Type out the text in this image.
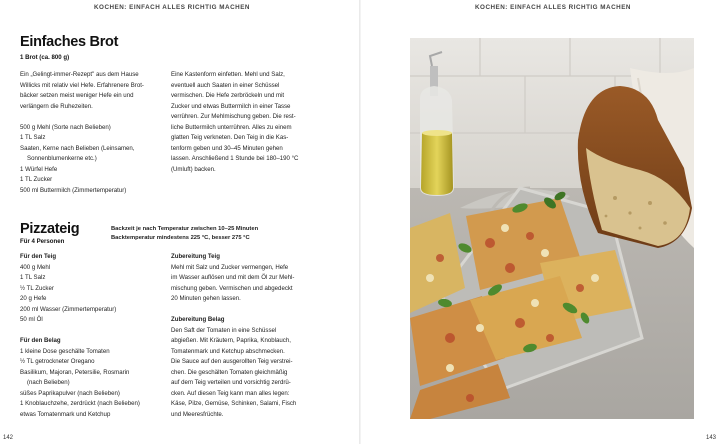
KOCHEN: EINFACH ALLES RICHTIG MACHEN
142
Einfaches Brot
1 Brot (ca. 800 g)

Ein „Gelingt-immer-Rezept" aus dem Hause

Willicks mit relativ viel Hefe. Erfahrenere Brot-

bäcker setzen meist weniger Hefe ein und

verlängern die Ruhezeiten.

500 g Mehl (Sorte nach Belieben)

1 TL Salz

Saaten, Kerne nach Belieben (Leinsamen,

Sonnenblumenkerne etc.)

1 Würfel Hefe

1 TL Zucker

500 ml Buttermilch (Zimmertemperatur)

Eine Kastenform einfetten. Mehl und Salz,

eventuell auch Saaten in einer Schüssel

vermischen. Die Hefe zerbröckeln und mit

Zucker und etwas Buttermilch in einer Tasse

verrühren. Zur Mehlmischung geben. Die rest-

liche Buttermilch unterrühren. Alles zu einem

glatten Teig verkneten. Den Teig in die Kas-

tenform geben und 30–45 Minuten gehen

lassen. Anschließend 1 Stunde bei 180–190 °C

(Umluft) backen.

Pizzateig
Für 4 Personen

Backzeit je nach Temperatur zwischen 10–25 Minuten

Backtemperatur mindestens 225 °C, besser 275 °C

Für den Teig

400 g Mehl

1 TL Salz

½ TL Zucker

20 g Hefe

200 ml Wasser (Zimmertemperatur)

50 ml Öl

Für den Belag

1 kleine Dose geschälte Tomaten

½ TL getrockneter Oregano

Basilikum, Majoran, Petersilie, Rosmarin

(nach Belieben)

süßes Paprikapulver (nach Belieben)

1 Knoblauchzehe, zerdrückt (nach Belieben)

etwas Tomatenmark und Ketchup

Zubereitung Teig

Mehl mit Salz und Zucker vermengen, Hefe

im Wasser auflösen und mit dem Öl zur Mehl-

mischung geben. Vermischen und abgedeckt

20 Minuten gehen lassen.

Zubereitung Belag

Den Saft der Tomaten in eine Schüssel

abgießen. Mit Kräutern, Paprika, Knoblauch,

Tomatenmark und Ketchup abschmecken.

Die Sauce auf den ausgerollten Teig verstrei-

chen. Die geschälten Tomaten gleichmäßig

auf dem Teig verteilen und vorsichtig zerdrü-

cken. Auf diesen Teig kann man alles legen:

Käse, Pilze, Gemüse, Schinken, Salami, Fisch

und Meeresfrüchte.

KOCHEN: EINFACH ALLES RICHTIG MACHEN
143
